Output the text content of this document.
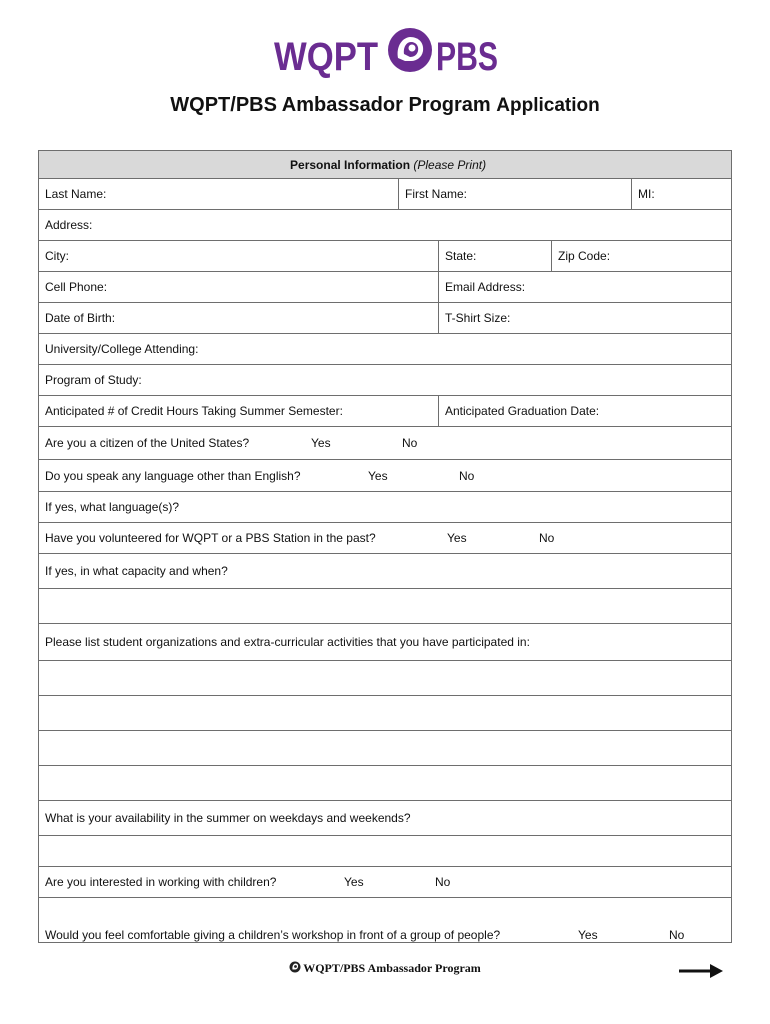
WQPT PBS
WQPT/PBS Ambassador Program Application
Personal Information (Please Print)				
Last Name:	First Name:			MI:
Address:				
City:		State:	Zip Code:	
Cell Phone:		Email Address:		
Date of Birth:		T-Shirt Size:		
University/College Attending:				
Program of Study:				
Anticipated # of Credit Hours Taking Summer Semester:		Anticipated Graduation Date:		
Are you a citizen of the United States? Yes No				
Do you speak any language other than English? Yes No				
If yes, what language(s)?				
Have you volunteered for WQPT or a PBS Station in the past? Yes No				
If yes, in what capacity and when?				

Please list student organizations and extra-curricular activities that you have participated in:				

What is your availability in the summer on weekdays and weekends?				

Are you interested in working with children? Yes No				
Would you feel comfortable giving a children’s workshop in front of a group of people? Yes No				
WQPT/PBS Ambassador Program
